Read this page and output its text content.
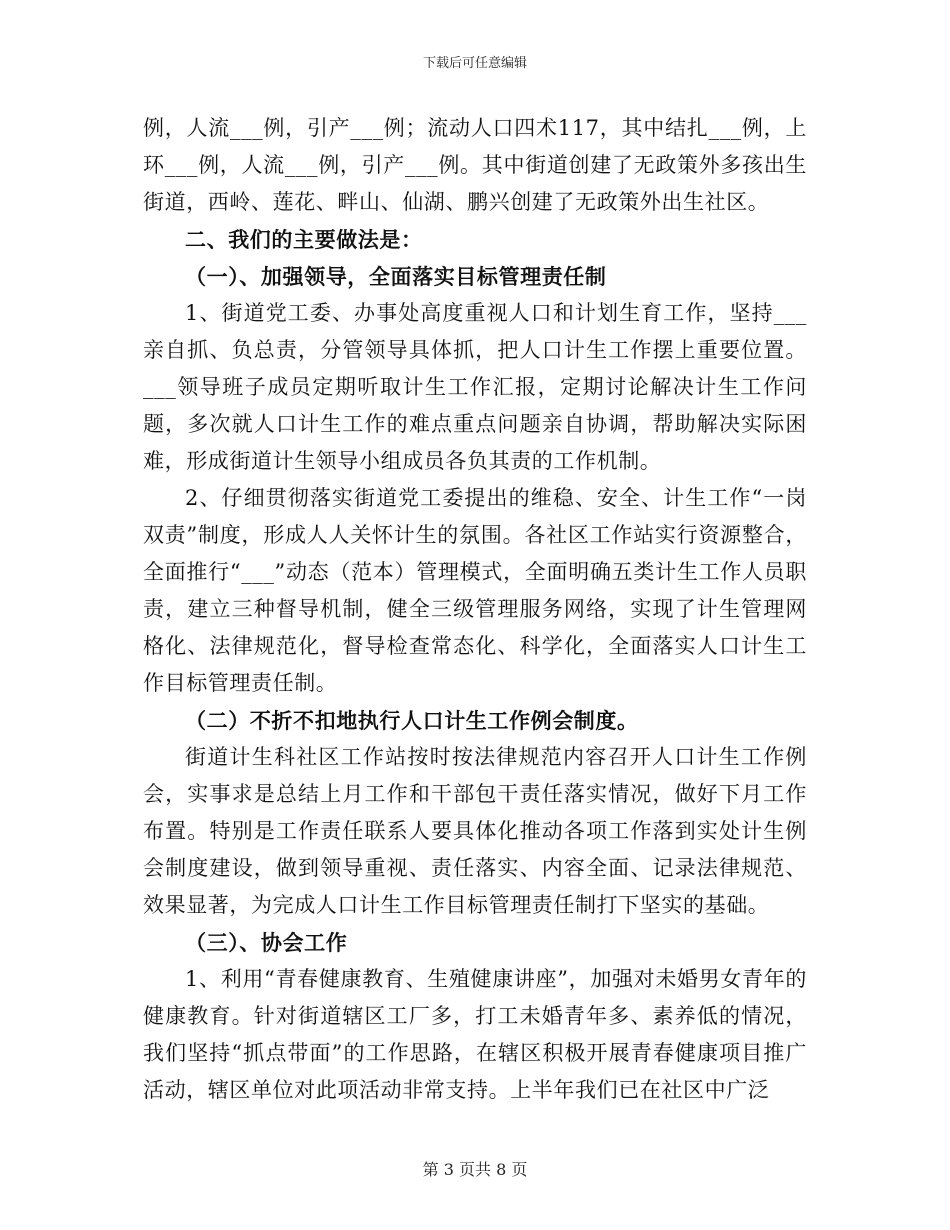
下载后可任意编辑

例，人流___例，引产___例；流动人口四术117，其中结扎___例，上环___例，人流___例，引产___例。其中街道创建了无政策外多孩出生街道，西岭、莲花、畔山、仙湖、鹏兴创建了无政策外出生社区。

二、我们的主要做法是：

（一）、加强领导，全面落实目标管理责任制

1、街道党工委、办事处高度重视人口和计划生育工作，坚持___亲自抓、负总责，分管领导具体抓，把人口计生工作摆上重要位置。___领导班子成员定期听取计生工作汇报，定期讨论解决计生工作问题，多次就人口计生工作的难点重点问题亲自协调，帮助解决实际困难，形成街道计生领导小组成员各负其责的工作机制。

2、仔细贯彻落实街道党工委提出的维稳、安全、计生工作“一岗双责”制度，形成人人关怀计生的氛围。各社区工作站实行资源整合，全面推行“___”动态（范本）管理模式，全面明确五类计生工作人员职责，建立三种督导机制，健全三级管理服务网络，实现了计生管理网格化、法律规范化，督导检查常态化、科学化，全面落实人口计生工作目标管理责任制。

（二）不折不扣地执行人口计生工作例会制度。

街道计生科社区工作站按时按法律规范内容召开人口计生工作例会，实事求是总结上月工作和干部包干责任落实情况，做好下月工作布置。特别是工作责任联系人要具体化推动各项工作落到实处计生例会制度建设，做到领导重视、责任落实、内容全面、记录法律规范、效果显著，为完成人口计生工作目标管理责任制打下坚实的基础。

（三）、协会工作

1、利用“青春健康教育、生殖健康讲座”，加强对未婚男女青年的健康教育。针对街道辖区工厂多，打工未婚青年多、素养低的情况，我们坚持“抓点带面”的工作思路，在辖区积极开展青春健康项目推广活动，辖区单位对此项活动非常支持。上半年我们已在社区中广泛

第 3 页共 8 页
